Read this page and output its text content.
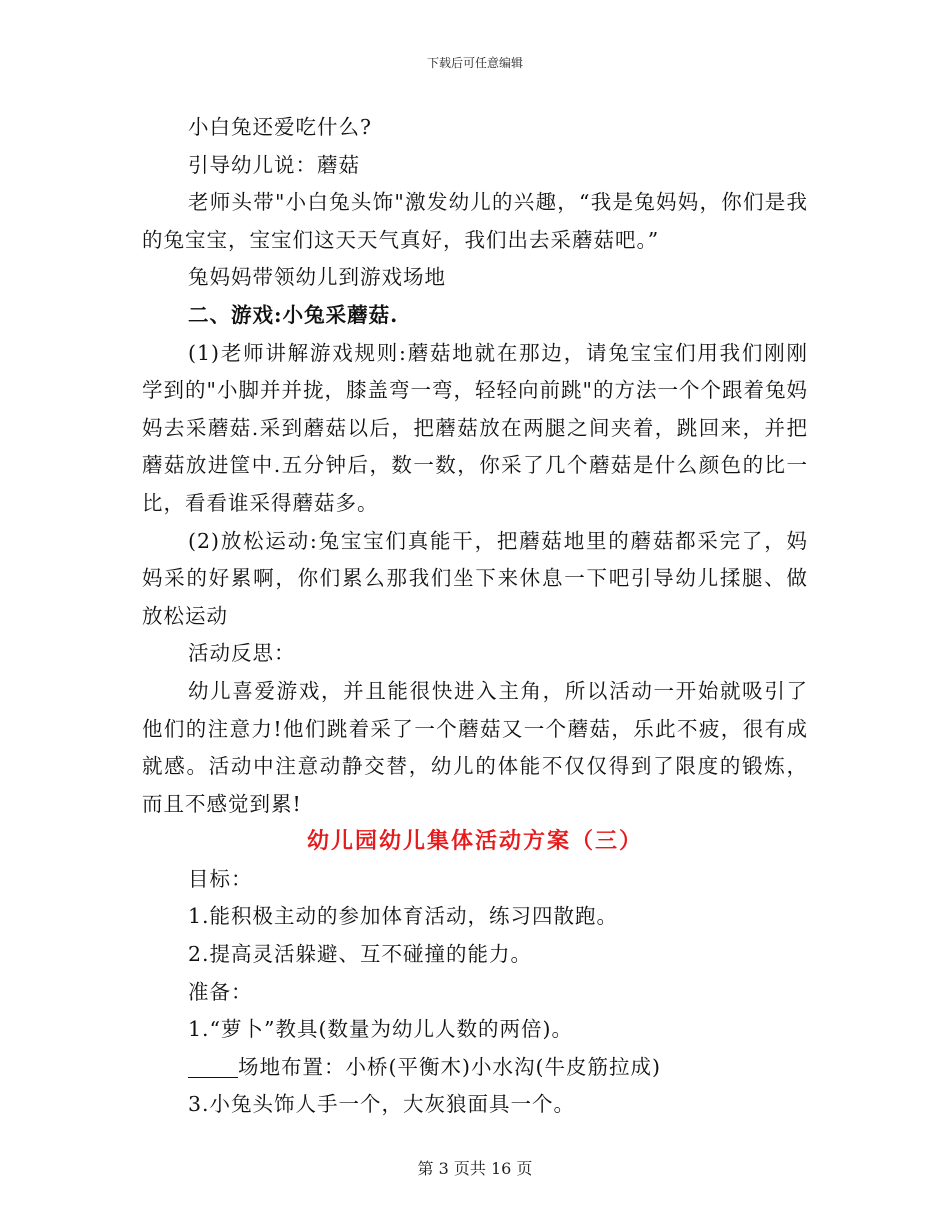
下载后可任意编辑

小白兔还爱吃什么?

引导幼儿说：蘑菇

老师头带"小白兔头饰"激发幼儿的兴趣，“我是兔妈妈，你们是我的兔宝宝，宝宝们这天天气真好，我们出去采蘑菇吧。”

兔妈妈带领幼儿到游戏场地

二、游戏:小兔采蘑菇.

(1)老师讲解游戏规则:蘑菇地就在那边，请兔宝宝们用我们刚刚学到的"小脚并并拢，膝盖弯一弯，轻轻向前跳"的方法一个个跟着兔妈妈去采蘑菇.采到蘑菇以后，把蘑菇放在两腿之间夹着，跳回来，并把蘑菇放进筐中.五分钟后，数一数，你采了几个蘑菇是什么颜色的比一比，看看谁采得蘑菇多。

(2)放松运动:兔宝宝们真能干，把蘑菇地里的蘑菇都采完了，妈妈采的好累啊，你们累么那我们坐下来休息一下吧引导幼儿揉腿、做放松运动

活动反思：

幼儿喜爱游戏，并且能很快进入主角，所以活动一开始就吸引了他们的注意力!他们跳着采了一个蘑菇又一个蘑菇，乐此不疲，很有成就感。活动中注意动静交替，幼儿的体能不仅仅得到了限度的锻炼，而且不感觉到累!

幼儿园幼儿集体活动方案（三）

目标：

1.能积极主动的参加体育活动，练习四散跑。

2.提高灵活躲避、互不碰撞的能力。

准备：

1.“萝卜”教具(数量为幼儿人数的两倍)。

场地布置：小桥(平衡木)小水沟(牛皮筋拉成)

3.小兔头饰人手一个，大灰狼面具一个。

第 3 页共 16 页
